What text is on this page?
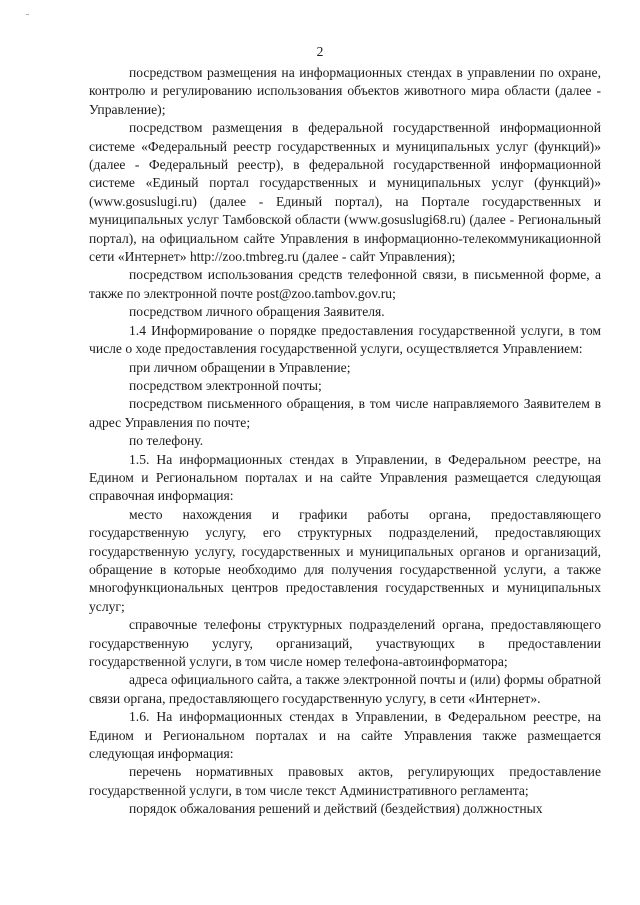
2

посредством размещения на информационных стендах в управлении по охране, контролю и регулированию использования объектов животного мира области (далее - Управление);

посредством размещения в федеральной государственной информационной системе «Федеральный реестр государственных и муниципальных услуг (функций)» (далее - Федеральный реестр), в федеральной государственной информационной системе «Единый портал государственных и муниципальных услуг (функций)» (www.gosuslugi.ru) (далее - Единый портал), на Портале государственных и муниципальных услуг Тамбовской области (www.gosuslugi68.ru) (далее - Региональный портал), на официальном сайте Управления в информационно-телекоммуникационной сети «Интернет» http://zoo.tmbreg.ru (далее - сайт Управления);

посредством использования средств телефонной связи, в письменной форме, а также по электронной почте post@zoo.tambov.gov.ru;

посредством личного обращения Заявителя.

1.4 Информирование о порядке предоставления государственной услуги, в том числе о ходе предоставления государственной услуги, осуществляется Управлением:

при личном обращении в Управление;

посредством электронной почты;

посредством письменного обращения, в том числе направляемого Заявителем в адрес Управления по почте;

по телефону.

1.5. На информационных стендах в Управлении, в Федеральном реестре, на Едином и Региональном порталах и на сайте Управления размещается следующая справочная информация:

место нахождения и графики работы органа, предоставляющего государственную услугу, его структурных подразделений, предоставляющих государственную услугу, государственных и муниципальных органов и организаций, обращение в которые необходимо для получения государственной услуги, а также многофункциональных центров предоставления государственных и муниципальных услуг;

справочные телефоны структурных подразделений органа, предоставляющего государственную услугу, организаций, участвующих в предоставлении государственной услуги, в том числе номер телефона-автоинформатора;

адреса официального сайта, а также электронной почты и (или) формы обратной связи органа, предоставляющего государственную услугу, в сети «Интернет».

1.6. На информационных стендах в Управлении, в Федеральном реестре, на Едином и Региональном порталах и на сайте Управления также размещается следующая информация:

перечень нормативных правовых актов, регулирующих предоставление государственной услуги, в том числе текст Административного регламента;

порядок обжалования решений и действий (бездействия) должностных
